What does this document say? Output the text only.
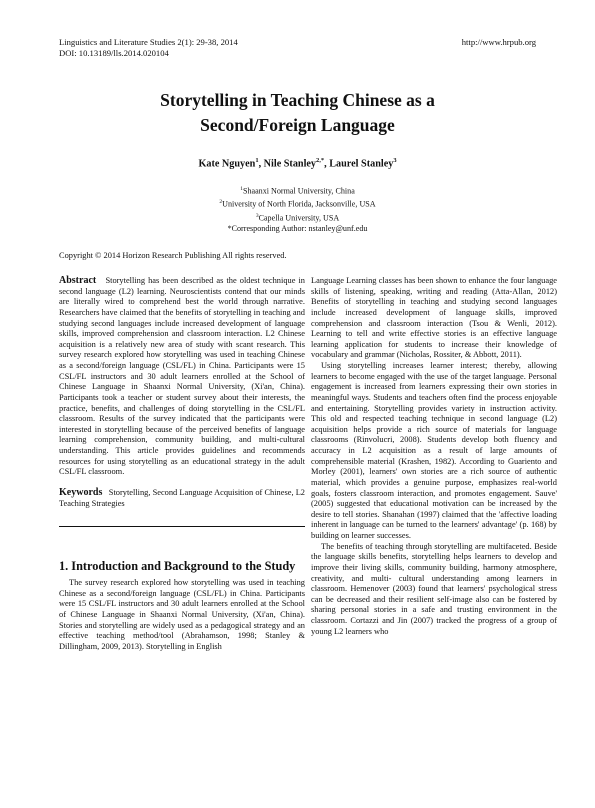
Linguistics and Literature Studies 2(1): 29-38, 2014
DOI: 10.13189/lls.2014.020104
http://www.hrpub.org
Storytelling in Teaching Chinese as a
Second/Foreign Language
Kate Nguyen$^1$, Nile Stanley$^{2,*}$, Laurel Stanley$^3$
$^1$Shaanxi Normal University, China
$^2$University of North Florida, Jacksonville, USA
$^3$Capella University, USA
*Corresponding Author: nstanley@unf.edu
Copyright © 2014 Horizon Research Publishing All rights reserved.

Abstract Storytelling has been described as the oldest technique in second language (L2) learning. Neuroscientists contend that our minds are literally wired to comprehend best the world through narrative. Researchers have claimed that the benefits of storytelling in teaching and studying second languages include increased development of language skills, improved comprehension and classroom interaction. L2 Chinese acquisition is a relatively new area of study with scant research. This survey research explored how storytelling was used in teaching Chinese as a second/foreign language (CSL/FL) in China. Participants were 15 CSL/FL instructors and 30 adult learners enrolled at the School of Chinese Language in Shaanxi Normal University, (Xi'an, China). Participants took a teacher or student survey about their interests, the practice, benefits, and challenges of doing storytelling in the CSL/FL classroom. Results of the survey indicated that the participants were interested in storytelling because of the perceived benefits of language learning comprehension, community building, and multi-cultural understanding. This article provides guidelines and recommends resources for using storytelling as an educational strategy in the adult CSL/FL classroom.

Keywords Storytelling, Second Language Acquisition of Chinese, L2 Teaching Strategies

1. Introduction and Background to the Study

The survey research explored how storytelling was used in teaching Chinese as a second/foreign language (CSL/FL) in China. Participants were 15 CSL/FL instructors and 30 adult learners enrolled at the School of Chinese Language in Shaanxi Normal University, (Xi'an, China). Stories and storytelling are widely used as a pedagogical strategy and an effective teaching method/tool (Abrahamson, 1998; Stanley & Dillingham, 2009, 2013). Storytelling in English

Language Learning classes has been shown to enhance the four language skills of listening, speaking, writing and reading (Atta-Allan, 2012) Benefits of storytelling in teaching and studying second languages include increased development of language skills, improved comprehension and classroom interaction (Tsou & Wenli, 2012). Learning to tell and write effective stories is an effective language learning application for students to increase their knowledge of vocabulary and grammar (Nicholas, Rossiter, & Abbott, 2011).

Using storytelling increases learner interest; thereby, allowing learners to become engaged with the use of the target language. Personal engagement is increased from learners expressing their own stories in meaningful ways. Students and teachers often find the process enjoyable and entertaining. Storytelling provides variety in instruction activity. This old and respected teaching technique in second language (L2) acquisition helps provide a rich source of materials for language classrooms (Rinvolucri, 2008). Students develop both fluency and accuracy in L2 acquisition as a result of large amounts of comprehensible material (Krashen, 1982). According to Guariento and Morley (2001), learners' own stories are a rich source of authentic material, which provides a genuine purpose, emphasizes real-world goals, fosters classroom interaction, and promotes engagement. Sauve' (2005) suggested that educational motivation can be increased by the desire to tell stories. Shanahan (1997) claimed that the 'affective loading inherent in language can be turned to the learners' advantage' (p. 168) by building on learner successes.

The benefits of teaching through storytelling are multifaceted. Beside the language skills benefits, storytelling helps learners to develop and improve their living skills, community building, harmony atmosphere, creativity, and multi- cultural understanding among learners in classroom. Hemenover (2003) found that learners' psychological stress can be decreased and their resilient self-image also can be fostered by sharing personal stories in a safe and trusting environment in the classroom. Cortazzi and Jin (2007) tracked the progress of a group of young L2 learners who
